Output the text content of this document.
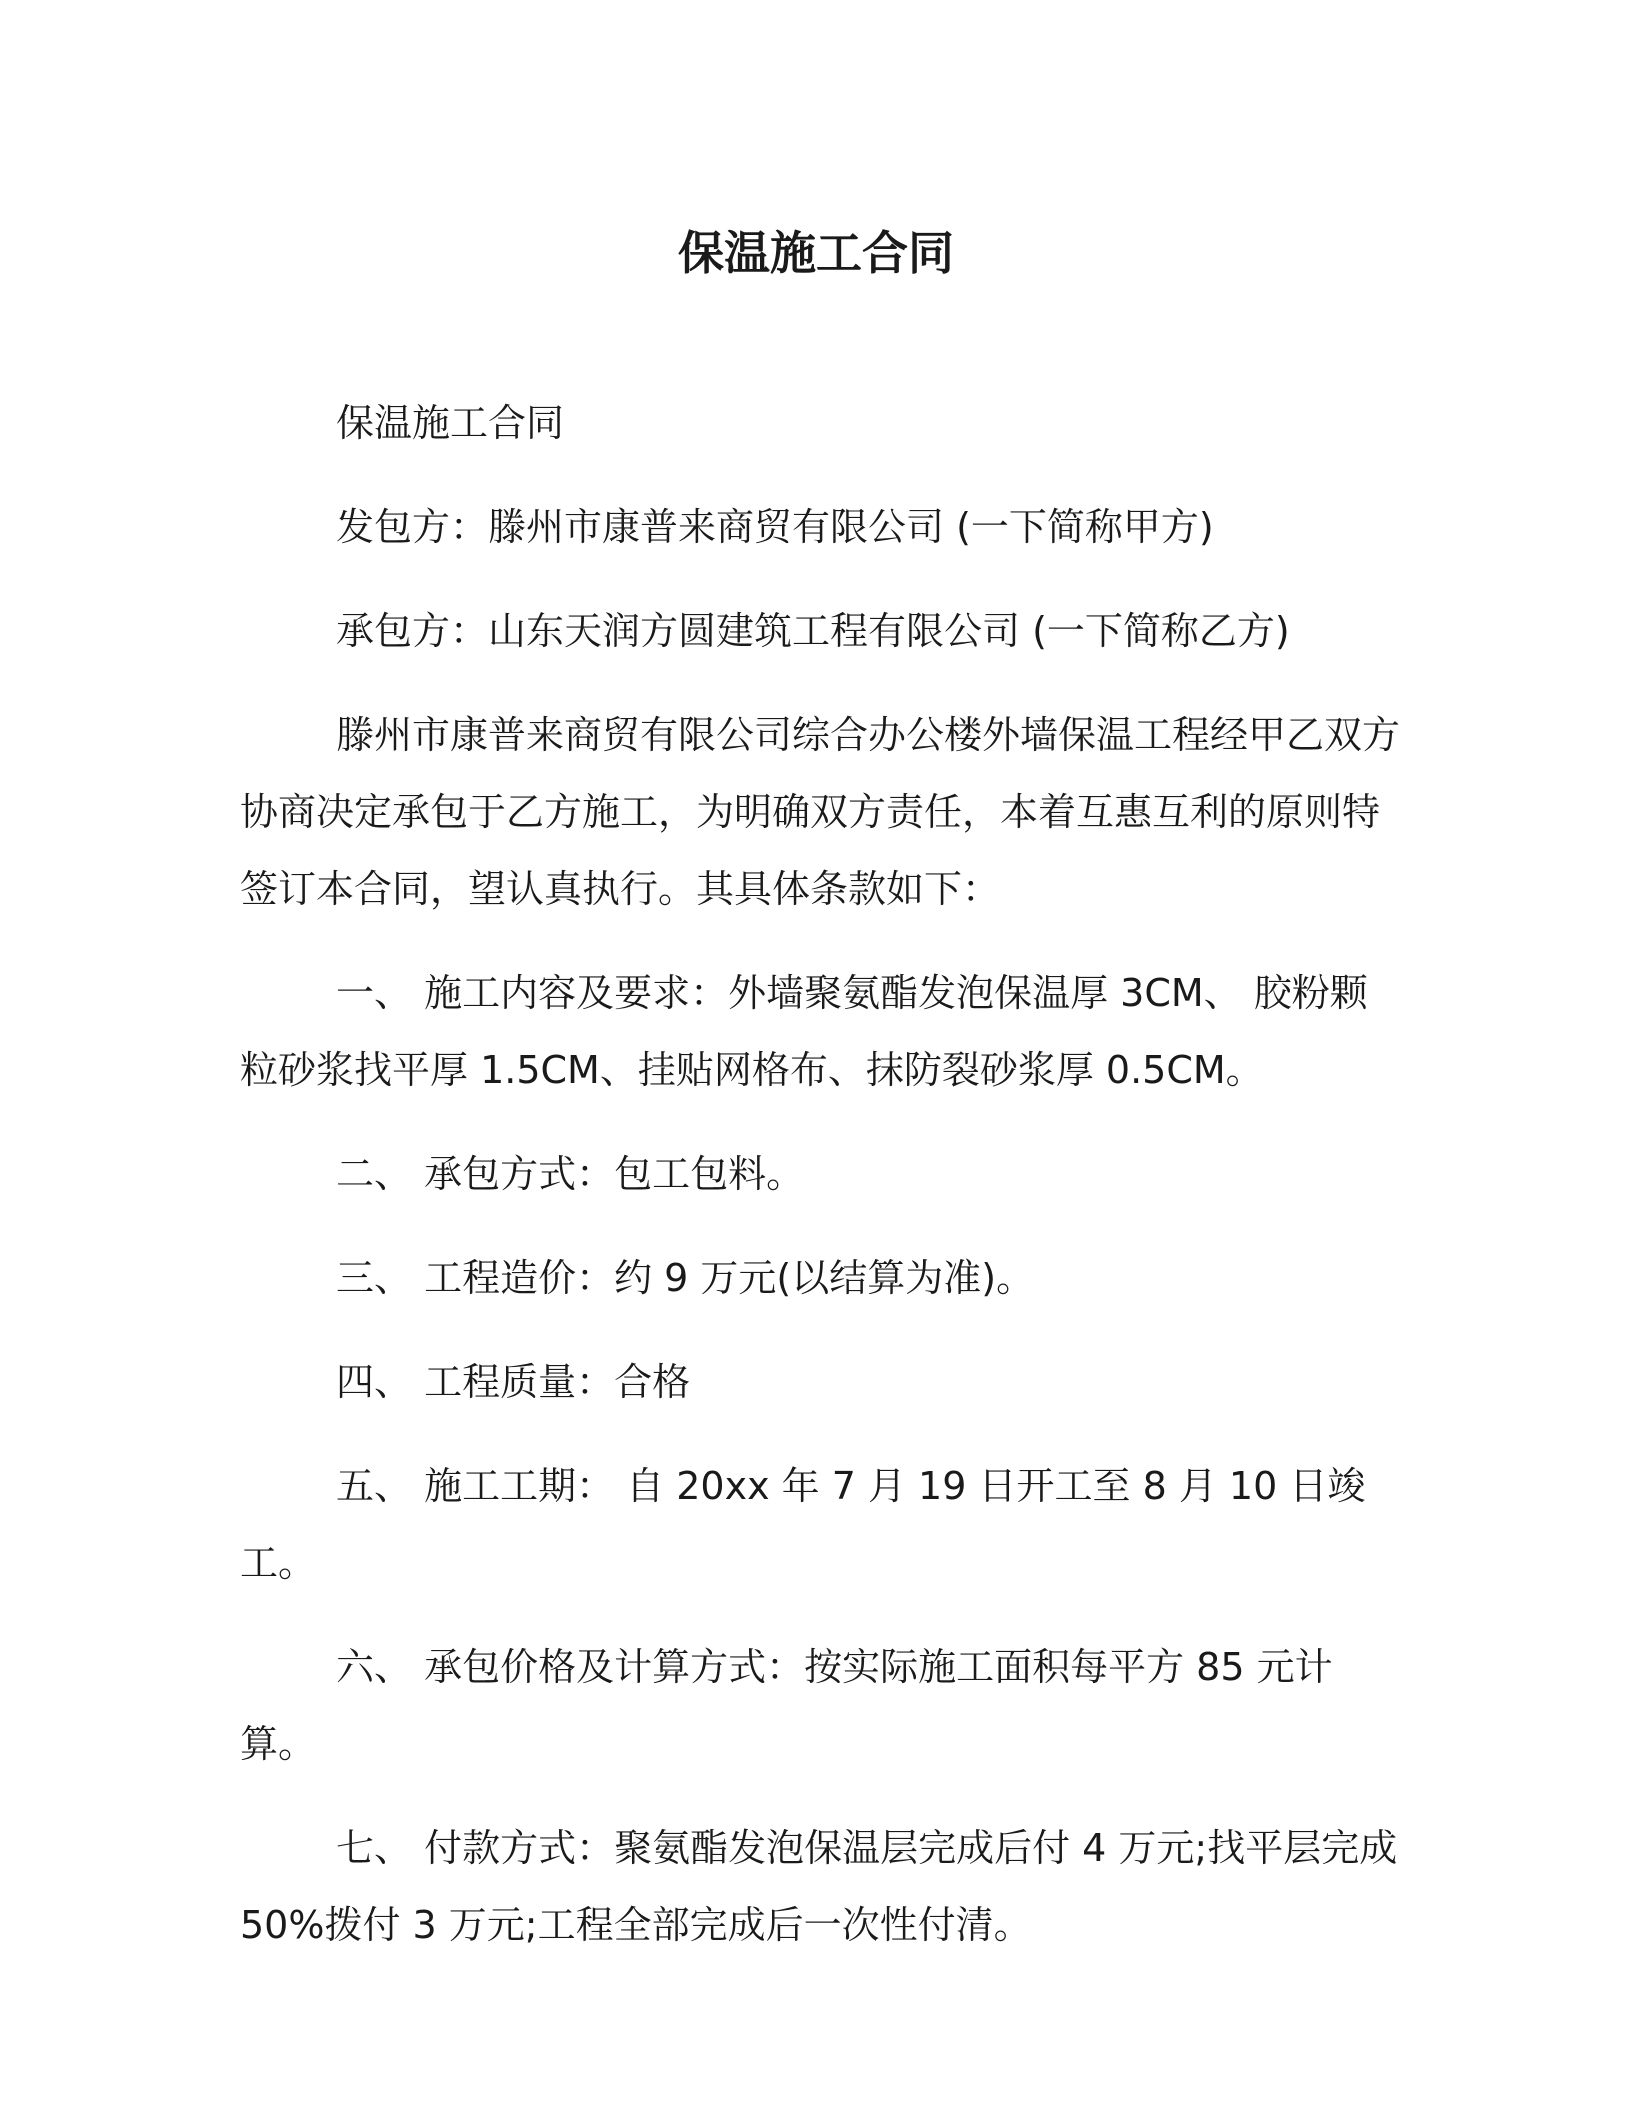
保温施工合同

保温施工合同

发包方：滕州市康普来商贸有限公司 (一下简称甲方)

承包方：山东天润方圆建筑工程有限公司 (一下简称乙方)

滕州市康普来商贸有限公司综合办公楼外墙保温工程经甲乙双方协商决定承包于乙方施工，为明确双方责任，本着互惠互利的原则特签订本合同，望认真执行。其具体条款如下：

一、 施工内容及要求：外墙聚氨酯发泡保温厚 3CM、 胶粉颗粒砂浆找平厚 1.5CM、挂贴网格布、抹防裂砂浆厚 0.5CM。

二、 承包方式：包工包料。

三、 工程造价：约 9 万元(以结算为准)。

四、 工程质量：合格

五、 施工工期： 自 20xx 年 7 月 19 日开工至 8 月 10 日竣工。

六、 承包价格及计算方式：按实际施工面积每平方 85 元计算。

七、 付款方式：聚氨酯发泡保温层完成后付 4 万元;找平层完成 50%拨付 3 万元;工程全部完成后一次性付清。
